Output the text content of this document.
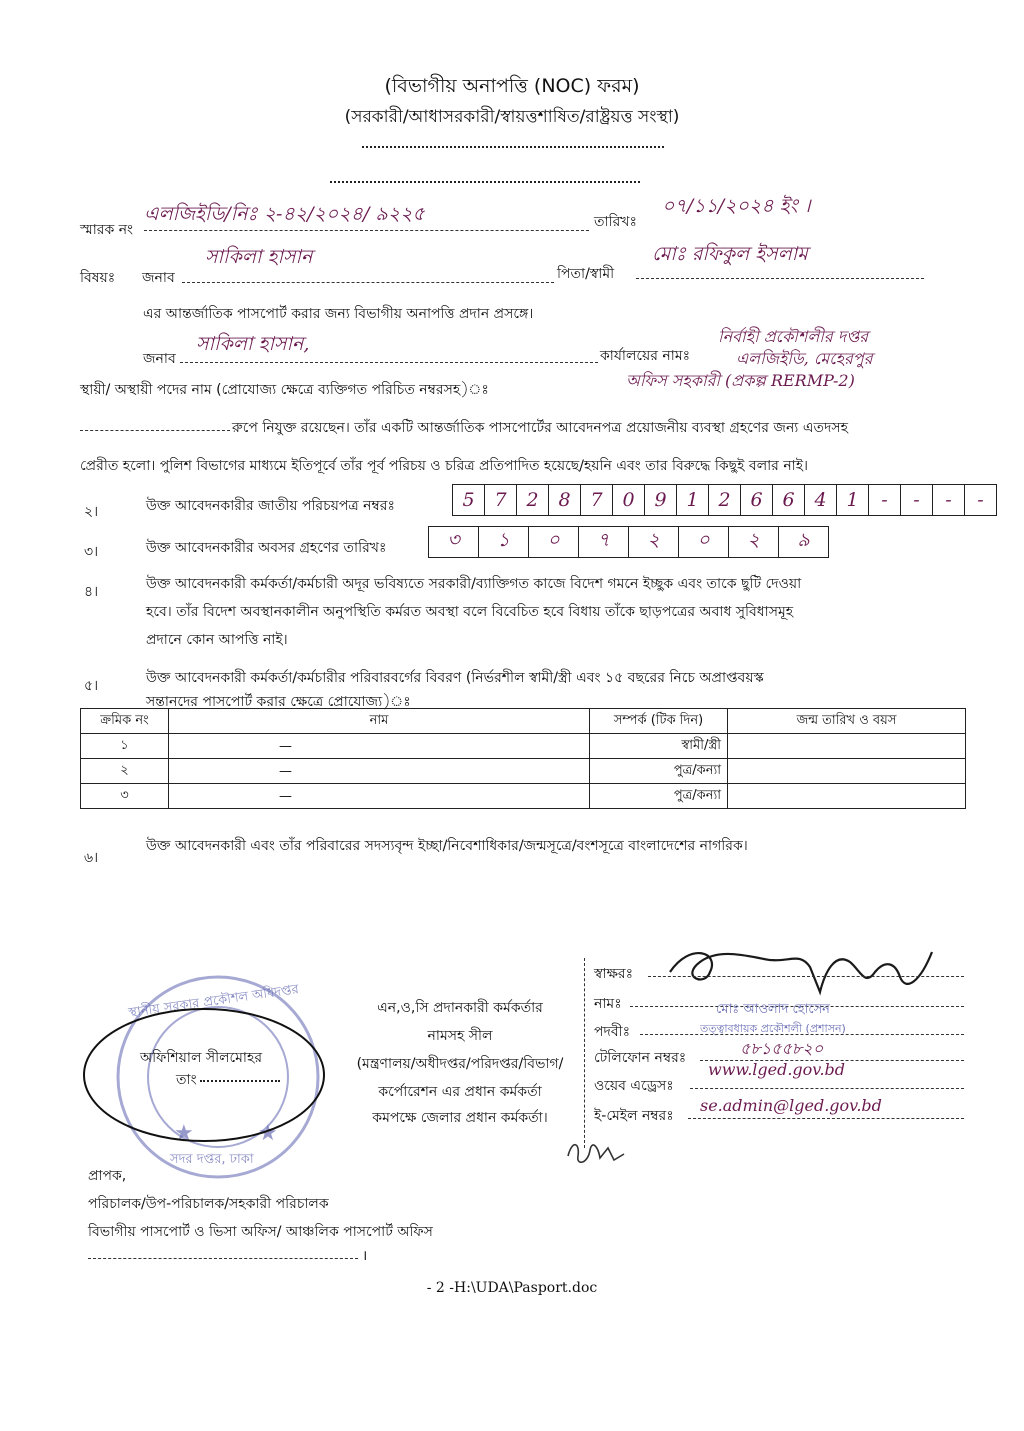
(বিভাগীয় অনাপত্তি (NOC) ফরম)
(সরকারী/আধাসরকারী/স্বায়ত্তশাষিত/রাষ্ট্রয়ত্ত সংস্থা)
স্মারক নং
এলজিইডি/নিঃ ২-৪২/২০২৪/ ৯২২৫	তারিখঃ
০৭/১১/২০২৪ ইং ।
বিষয়ঃ জনাব
সাকিলা হাসান
পিতা/স্বামী
মোঃ রফিকুল ইসলাম
এর আন্তর্জাতিক পাসপোর্ট করার জন্য বিভাগীয় অনাপত্তি প্রদান প্রসঙ্গে।
জনাব
সাকিলা হাসান,
কার্যালয়ের নামঃ
নির্বাহী প্রকৌশলীর দপ্তর
এলজিইডি, মেহেরপুর
স্থায়ী/ অস্থায়ী পদের নাম (প্রোযোজ্য ক্ষেত্রে ব্যক্তিগত পরিচিত নম্বরসহ)ঃ	অফিস সহকারী (প্রকল্প RERMP-2)
রুপে নিযুক্ত রয়েছেন। তাঁর একটি আন্তর্জাতিক পাসপোর্টের আবেদনপত্র প্রয়োজনীয় ব্যবস্থা গ্রহণের জন্য এতদসহ
প্রেরীত হলো। পুলিশ বিভাগের মাধ্যমে ইতিপূর্বে তাঁর পূর্ব পরিচয় ও চরিত্র প্রতিপাদিত হয়েছে/হয়নি এবং তার বিরুদ্ধে কিছুই বলার নাই।
২।	উক্ত আবেদনকারীর জাতীয় পরিচয়পত্র নম্বরঃ	5	7	2	8	7	0	9	1	2	6	6	4	1	-	-	-	-
৩।	উক্ত আবেদনকারীর অবসর গ্রহণের তারিখঃ	৩	১	০	৭	২	০	২	৯
৪।	উক্ত আবেদনকারী কর্মকর্তা/কর্মচারী অদূর ভবিষ্যতে সরকারী/ব্যাক্তিগত কাজে বিদেশ গমনে ইচ্ছুক এবং তাকে ছুটি দেওয়া
হবে। তাঁর বিদেশ অবস্থানকালীন অনুপস্থিতি কর্মরত অবস্থা বলে বিবেচিত হবে বিধায় তাঁকে ছাড়পত্রের অবাধ সুবিধাসমূহ
প্রদানে কোন আপত্তি নাই।
৫।	উক্ত আবেদনকারী কর্মকর্তা/কর্মচারীর পরিবারবর্গের বিবরণ (নির্ভরশীল স্বামী/স্ত্রী এবং ১৫ বছরের নিচে অপ্রাপ্তবয়স্ক
সন্তানদের পাসপোর্ট করার ক্ষেত্রে প্রোযোজ্য)ঃ
ক্রমিক নং	নাম	সম্পর্ক (টিক দিন)	জন্ম তারিখ ও বয়স
১	—	স্বামী/স্ত্রী	
২	—	পুত্র/কন্যা	
৩	—	পুত্র/কন্যা	
৬।
উক্ত আবেদনকারী এবং তাঁর পরিবারের সদস্যবৃন্দ ইচ্ছা/নিবেশাধিকার/জন্মসূত্রে/বংশসূত্রে বাংলাদেশের নাগরিক।
★	★
স্থানীয় সরকার প্রকৌশল অধিদপ্তর
সদর দপ্তর, ঢাকা
অফিশিয়াল সীলমোহর
তাং
এন,ও,সি প্রদানকারী কর্মকর্তার
নামসহ সীল
(মন্ত্রণালয়/অধীদপ্তর/পরিদপ্তর/বিভাগ/
কর্পোরেশন এর প্রধান কর্মকর্তা
কমপক্ষে জেলার প্রধান কর্মকর্তা।
স্বাক্ষরঃ
নামঃ	মোঃ আওলাদ হোসেন
পদবীঃ	তত্ত্বাবধায়ক প্রকৌশলী (প্রশাসন)
টেলিফোন নম্বরঃ	৫৮১৫৫৮২০
ওয়েব এড্রেসঃ
www.lged.gov.bd
ই-মেইল নম্বরঃ
se.admin@lged.gov.bd
প্রাপক,
পরিচালক/উপ-পরিচালক/সহকারী পরিচালক
বিভাগীয় পাসপোর্ট ও ভিসা অফিস/ আঞ্চলিক পাসপোর্ট অফিস
।
- 2 -H:\UDA\Pasport.doc
